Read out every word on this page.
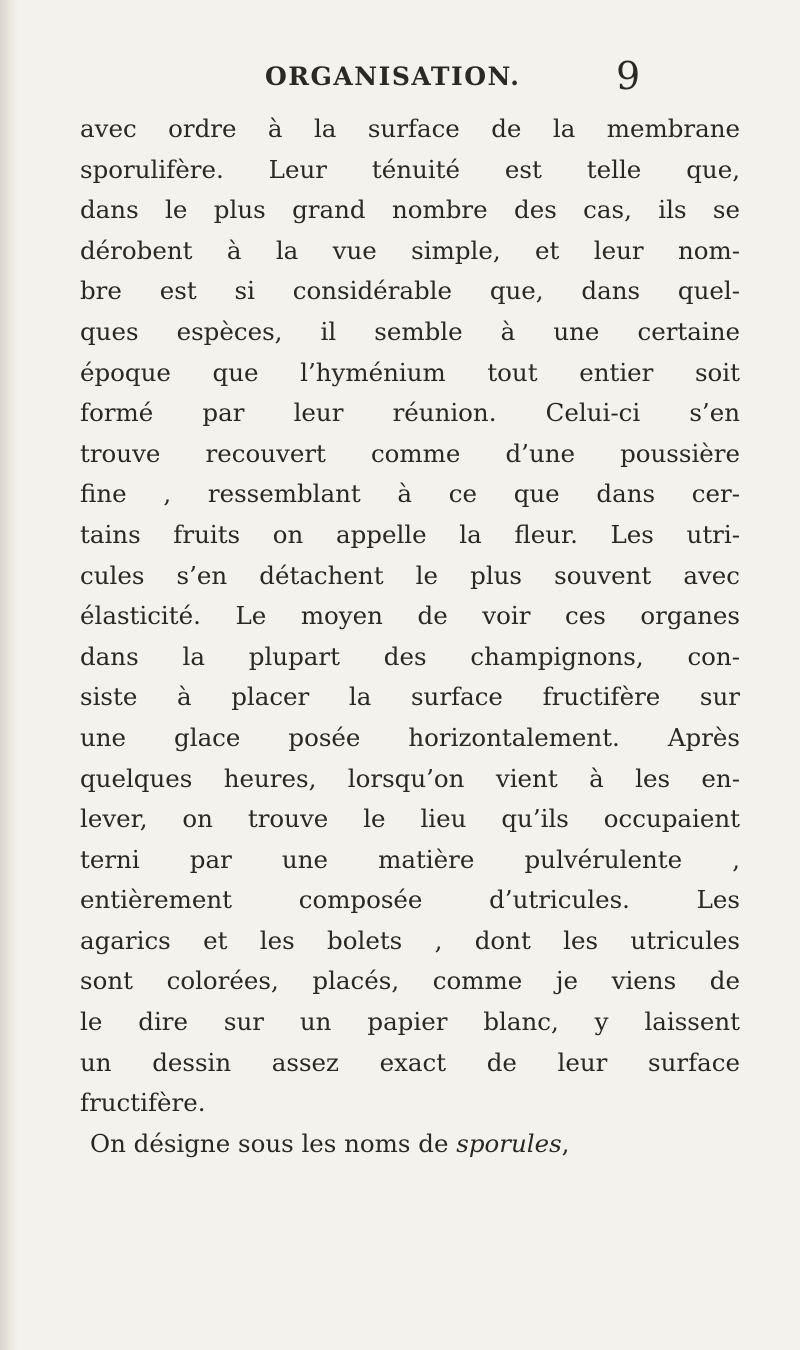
ORGANISATION.	9
avec ordre à la surface de la membrane
sporulifère. Leur ténuité est telle que,
dans le plus grand nombre des cas, ils se
dérobent à la vue simple, et leur nom-
bre est si considérable que, dans quel-
ques espèces, il semble à une certaine
époque que l’hyménium tout entier soit
formé par leur réunion. Celui-ci s’en
trouve recouvert comme d’une poussière
fine , ressemblant à ce que dans cer-
tains fruits on appelle la fleur. Les utri-
cules s’en détachent le plus souvent avec
élasticité. Le moyen de voir ces organes
dans la plupart des champignons, con-
siste à placer la surface fructifère sur
une glace posée horizontalement. Après
quelques heures, lorsqu’on vient à les en-
lever, on trouve le lieu qu’ils occupaient
terni par une matière pulvérulente ,
entièrement composée d’utricules. Les
agarics et les bolets , dont les utricules
sont colorées, placés, comme je viens de
le dire sur un papier blanc, y laissent
un dessin assez exact de leur surface
fructifère.
On désigne sous les noms de sporules,
